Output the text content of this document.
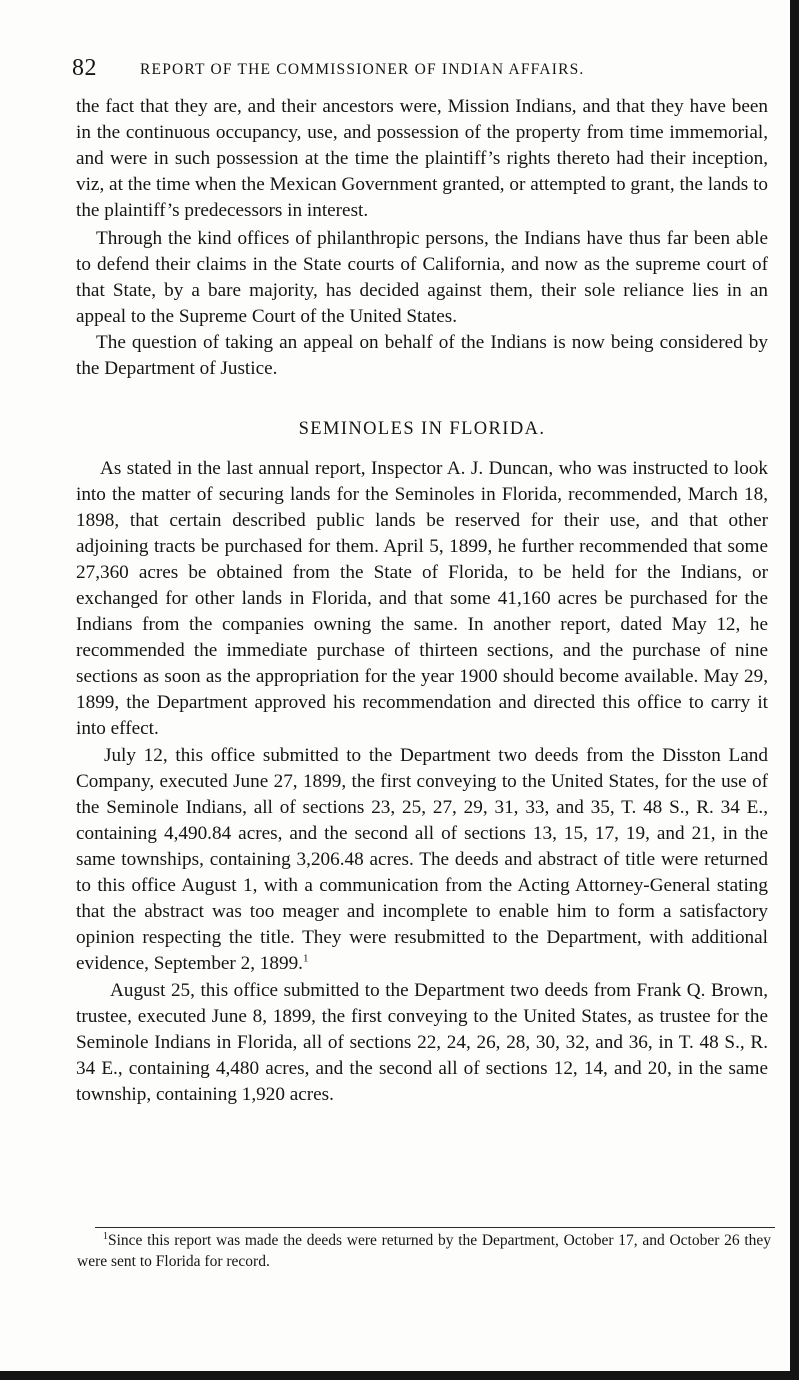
82	REPORT OF THE COMMISSIONER OF INDIAN AFFAIRS.

the fact that they are, and their ancestors were, Mission Indians, and that they have been in the continuous occupancy, use, and possession of the property from time immemorial, and were in such possession at the time the plaintiff’s rights thereto had their inception, viz, at the time when the Mexican Government granted, or attempted to grant, the lands to the plaintiff’s predecessors in interest.

Through the kind offices of philanthropic persons, the Indians have thus far been able to defend their claims in the State courts of California, and now as the supreme court of that State, by a bare majority, has decided against them, their sole reliance lies in an appeal to the Supreme Court of the United States.

The question of taking an appeal on behalf of the Indians is now being considered by the Department of Justice.

SEMINOLES IN FLORIDA.

As stated in the last annual report, Inspector A. J. Duncan, who was instructed to look into the matter of securing lands for the Seminoles in Florida, recommended, March 18, 1898, that certain described public lands be reserved for their use, and that other adjoining tracts be purchased for them. April 5, 1899, he further recommended that some 27,360 acres be obtained from the State of Florida, to be held for the Indians, or exchanged for other lands in Florida, and that some 41,160 acres be purchased for the Indians from the companies owning the same. In another report, dated May 12, he recommended the immediate purchase of thirteen sections, and the purchase of nine sections as soon as the appropriation for the year 1900 should become available. May 29, 1899, the Department approved his recommendation and directed this office to carry it into effect.

July 12, this office submitted to the Department two deeds from the Disston Land Company, executed June 27, 1899, the first conveying to the United States, for the use of the Seminole Indians, all of sections 23, 25, 27, 29, 31, 33, and 35, T. 48 S., R. 34 E., containing 4,490.84 acres, and the second all of sections 13, 15, 17, 19, and 21, in the same townships, containing 3,206.48 acres. The deeds and abstract of title were returned to this office August 1, with a communication from the Acting Attorney-General stating that the abstract was too meager and incomplete to enable him to form a satisfactory opinion respecting the title. They were resubmitted to the Department, with additional evidence, September 2, 1899.$^1$

August 25, this office submitted to the Department two deeds from Frank Q. Brown, trustee, executed June 8, 1899, the first conveying to the United States, as trustee for the Seminole Indians in Florida, all of sections 22, 24, 26, 28, 30, 32, and 36, in T. 48 S., R. 34 E., containing 4,480 acres, and the second all of sections 12, 14, and 20, in the same township, containing 1,920 acres.

$^1$Since this report was made the deeds were returned by the Department, October 17, and October 26 they were sent to Florida for record.
